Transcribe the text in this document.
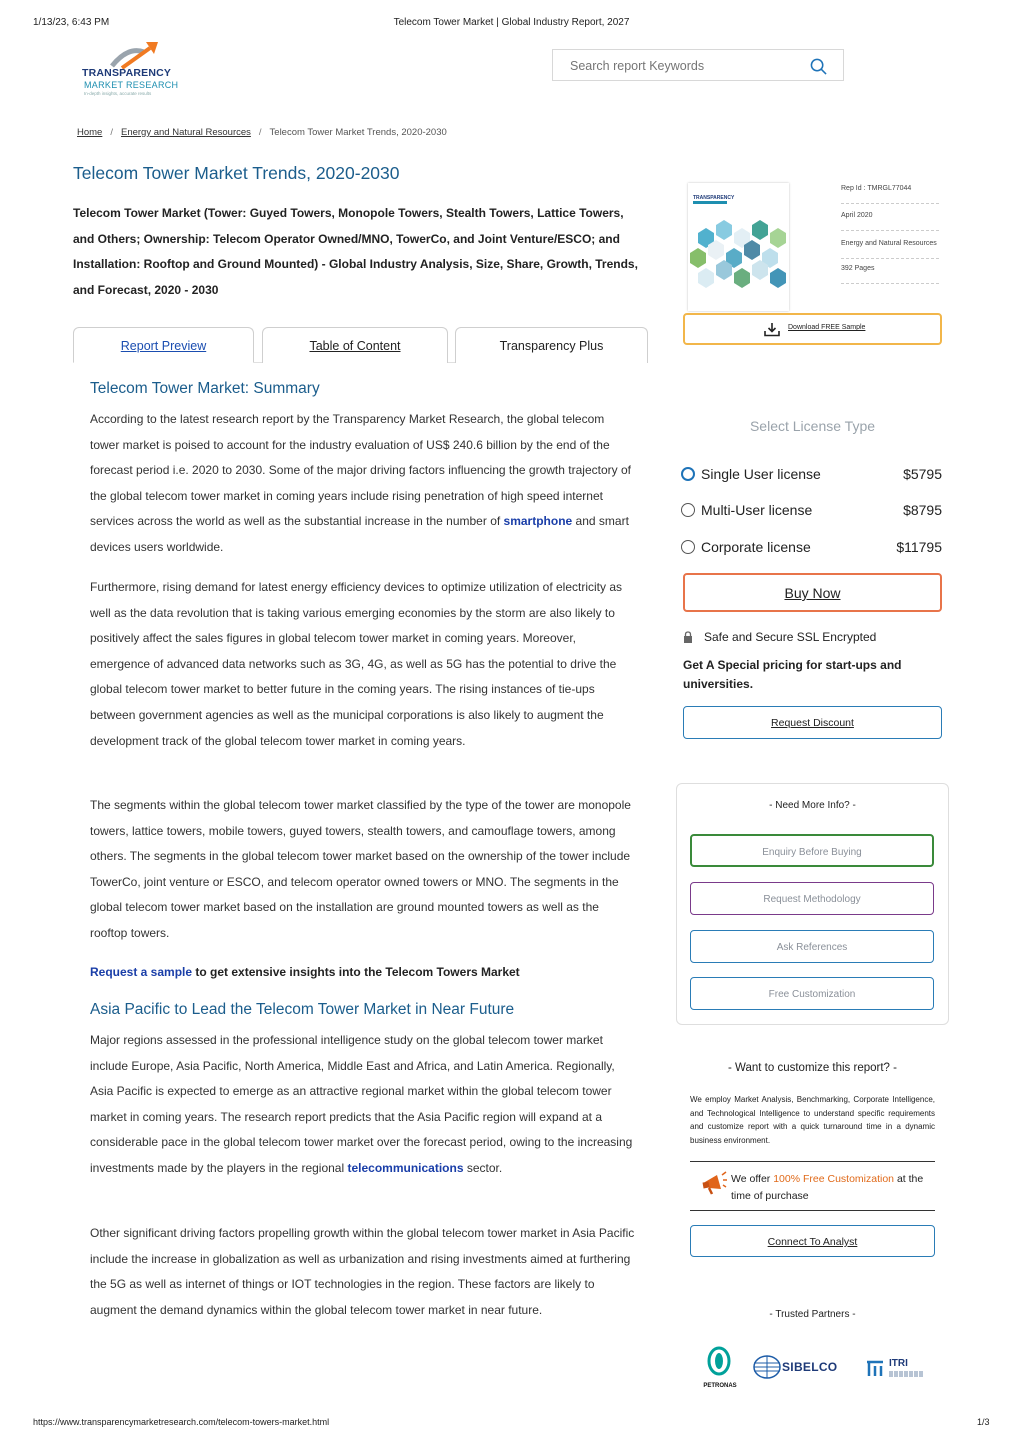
1/13/23, 6:43 PM	Telecom Tower Market | Global Industry Report, 2027
TRANSPARENCY
MARKET RESEARCH
In-depth insights, accurate results
Search report Keywords
Home / Energy and Natural Resources / Telecom Tower Market Trends, 2020-2030
Telecom Tower Market Trends, 2020-2030
Telecom Tower Market (Tower: Guyed Towers, Monopole Towers, Stealth Towers, Lattice Towers, and Others; Ownership: Telecom Operator Owned/MNO, TowerCo, and Joint Venture/ESCO; and Installation: Rooftop and Ground Mounted) - Global Industry Analysis, Size, Share, Growth, Trends, and Forecast, 2020 - 2030
TRANSPARENCY
Rep Id : TMRGL77044
April 2020
Energy and Natural Resources
392 Pages
Download FREE Sample
Report Preview	Table of Content	Transparency Plus
Telecom Tower Market: Summary
According to the latest research report by the Transparency Market Research, the global telecom tower market is poised to account for the industry evaluation of US$ 240.6 billion by the end of the forecast period i.e. 2020 to 2030. Some of the major driving factors influencing the growth trajectory of the global telecom tower market in coming years include rising penetration of high speed internet services across the world as well as the substantial increase in the number of smartphone and smart devices users worldwide.
Furthermore, rising demand for latest energy efficiency devices to optimize utilization of electricity as well as the data revolution that is taking various emerging economies by the storm are also likely to positively affect the sales figures in global telecom tower market in coming years. Moreover, emergence of advanced data networks such as 3G, 4G, as well as 5G has the potential to drive the global telecom tower market to better future in the coming years. The rising instances of tie-ups between government agencies as well as the municipal corporations is also likely to augment the development track of the global telecom tower market in coming years.
The segments within the global telecom tower market classified by the type of the tower are monopole towers, lattice towers, mobile towers, guyed towers, stealth towers, and camouflage towers, among others. The segments in the global telecom tower market based on the ownership of the tower include TowerCo, joint venture or ESCO, and telecom operator owned towers or MNO. The segments in the global telecom tower market based on the installation are ground mounted towers as well as the rooftop towers.
Request a sample to get extensive insights into the Telecom Towers Market
Asia Pacific to Lead the Telecom Tower Market in Near Future
Major regions assessed in the professional intelligence study on the global telecom tower market include Europe, Asia Pacific, North America, Middle East and Africa, and Latin America. Regionally, Asia Pacific is expected to emerge as an attractive regional market within the global telecom tower market in coming years. The research report predicts that the Asia Pacific region will expand at a considerable pace in the global telecom tower market over the forecast period, owing to the increasing investments made by the players in the regional telecommunications sector.
Other significant driving factors propelling growth within the global telecom tower market in Asia Pacific include the increase in globalization as well as urbanization and rising investments aimed at furthering the 5G as well as internet of things or IOT technologies in the region. These factors are likely to augment the demand dynamics within the global telecom tower market in near future.
Select License Type
Single User license	$5795
Multi-User license	$8795
Corporate license	$11795
Buy Now
Safe and Secure SSL Encrypted
Get A Special pricing for start-ups and universities.
Request Discount
- Need More Info? -
Enquiry Before Buying
Request Methodology
Ask References
Free Customization
- Want to customize this report? -
We employ Market Analysis, Benchmarking, Corporate Intelligence, and Technological Intelligence to understand specific requirements and customize report with a quick turnaround time in a dynamic business environment.
We offer 100% Free Customization at the time of purchase
Connect To Analyst
- Trusted Partners -
PETRONAS
SIBELCO	ITRI
https://www.transparencymarketresearch.com/telecom-towers-market.html	1/3
